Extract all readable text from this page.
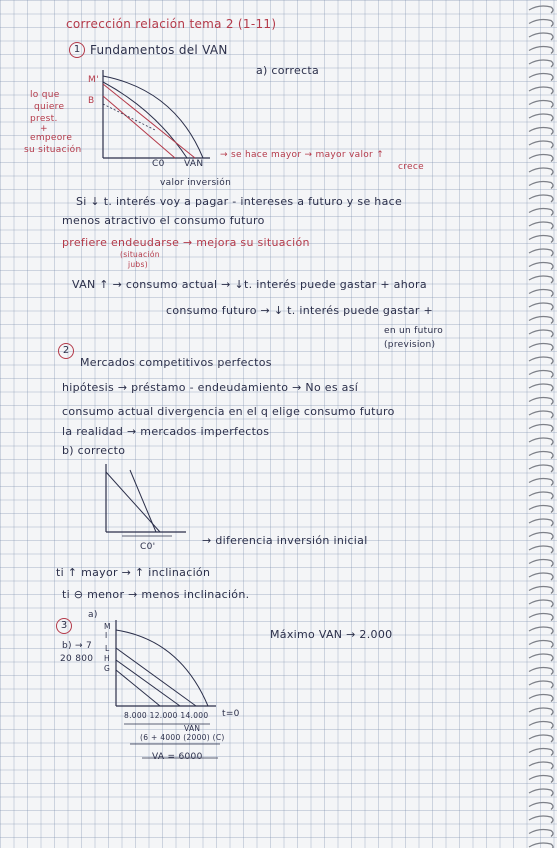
corrección relación tema 2 (1-11)
1 Fundamentos del VAN
a) correcta
lo que
quiere
prest.
+
empeore
su situación
M'
B
C0 VAN
valor inversión
→ se hace mayor → mayor valor ↑
crece
Si ↓ t. interés voy a pagar - intereses a futuro y se hace
menos atractivo el consumo futuro
prefiere endeudarse → mejora su situación
(situación
jubs)
VAN ↑ → consumo actual → ↓t. interés puede gastar + ahora
consumo futuro → ↓ t. interés puede gastar +
en un futuro
(prevision)
2
Mercados competitivos perfectos
hipótesis → préstamo - endeudamiento → No es así
consumo actual divergencia en el q elige consumo futuro
la realidad → mercados imperfectos
b) correcto
C0'	→ diferencia inversión inicial
ti ↑ mayor → ↑ inclinación
ti ⊖ menor → menos inclinación.
3
a)
b) → 7
20 800
M
I
L
H
G
Máximo VAN → 2.000
8.000 12.000 14.000 t=0
VAN
(6 + 4000 (2000) (C)
VA = 6000
